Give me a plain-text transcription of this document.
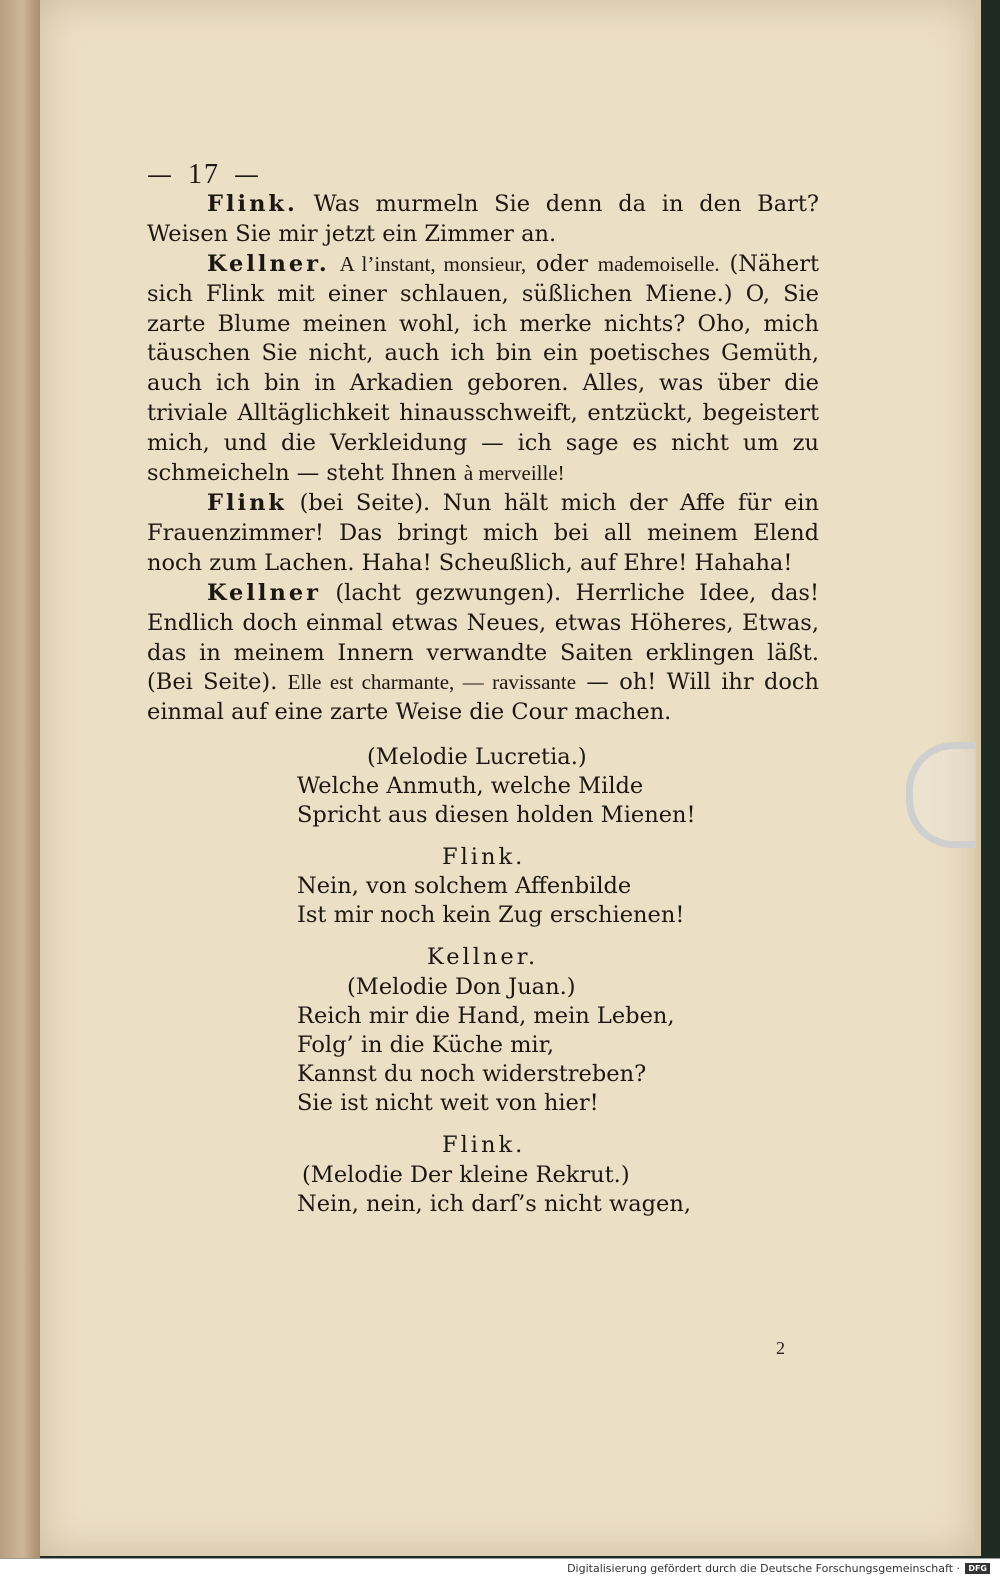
— 17 —

Flink. Was murmeln Sie denn da in den Bart? Weisen Sie mir jetzt ein Zimmer an.

Kellner. A l’instant, monsieur, oder mademoiselle. (Nähert sich Flink mit einer schlauen, süßlichen Miene.) O, Sie zarte Blume meinen wohl, ich merke nichts? Oho, mich täuschen Sie nicht, auch ich bin ein poetisches Gemüth, auch ich bin in Arkadien geboren. Alles, was über die triviale Alltäglichkeit hinausschweift, entzückt, begeistert mich, und die Verkleidung — ich sage es nicht um zu schmeicheln — steht Ihnen à merveille!

Flink (bei Seite). Nun hält mich der Affe für ein Frauenzimmer! Das bringt mich bei all meinem Elend noch zum Lachen. Haha! Scheußlich, auf Ehre! Hahaha!

Kellner (lacht gezwungen). Herrliche Idee, das! Endlich doch einmal etwas Neues, etwas Höheres, Etwas, das in meinem Innern verwandte Saiten erklingen läßt. (Bei Seite). Elle est charmante, — ravissante — oh! Will ihr doch einmal auf eine zarte Weise die Cour machen.

(Melodie Lucretia.)
Welche Anmuth, welche Milde
Spricht aus diesen holden Mienen!
Flink.
Nein, von solchem Affenbilde
Ist mir noch kein Zug erschienen!
Kellner.
(Melodie Don Juan.)
Reich mir die Hand, mein Leben,
Folg’ in die Küche mir,
Kannst du noch widerstreben?
Sie ist nicht weit von hier!
Flink.
(Melodie Der kleine Rekrut.)
Nein, nein, ich darſ’s nicht wagen,
2
Digitalisierung gefördert durch die Deutsche Forschungsgemeinschaft ·	DFG
